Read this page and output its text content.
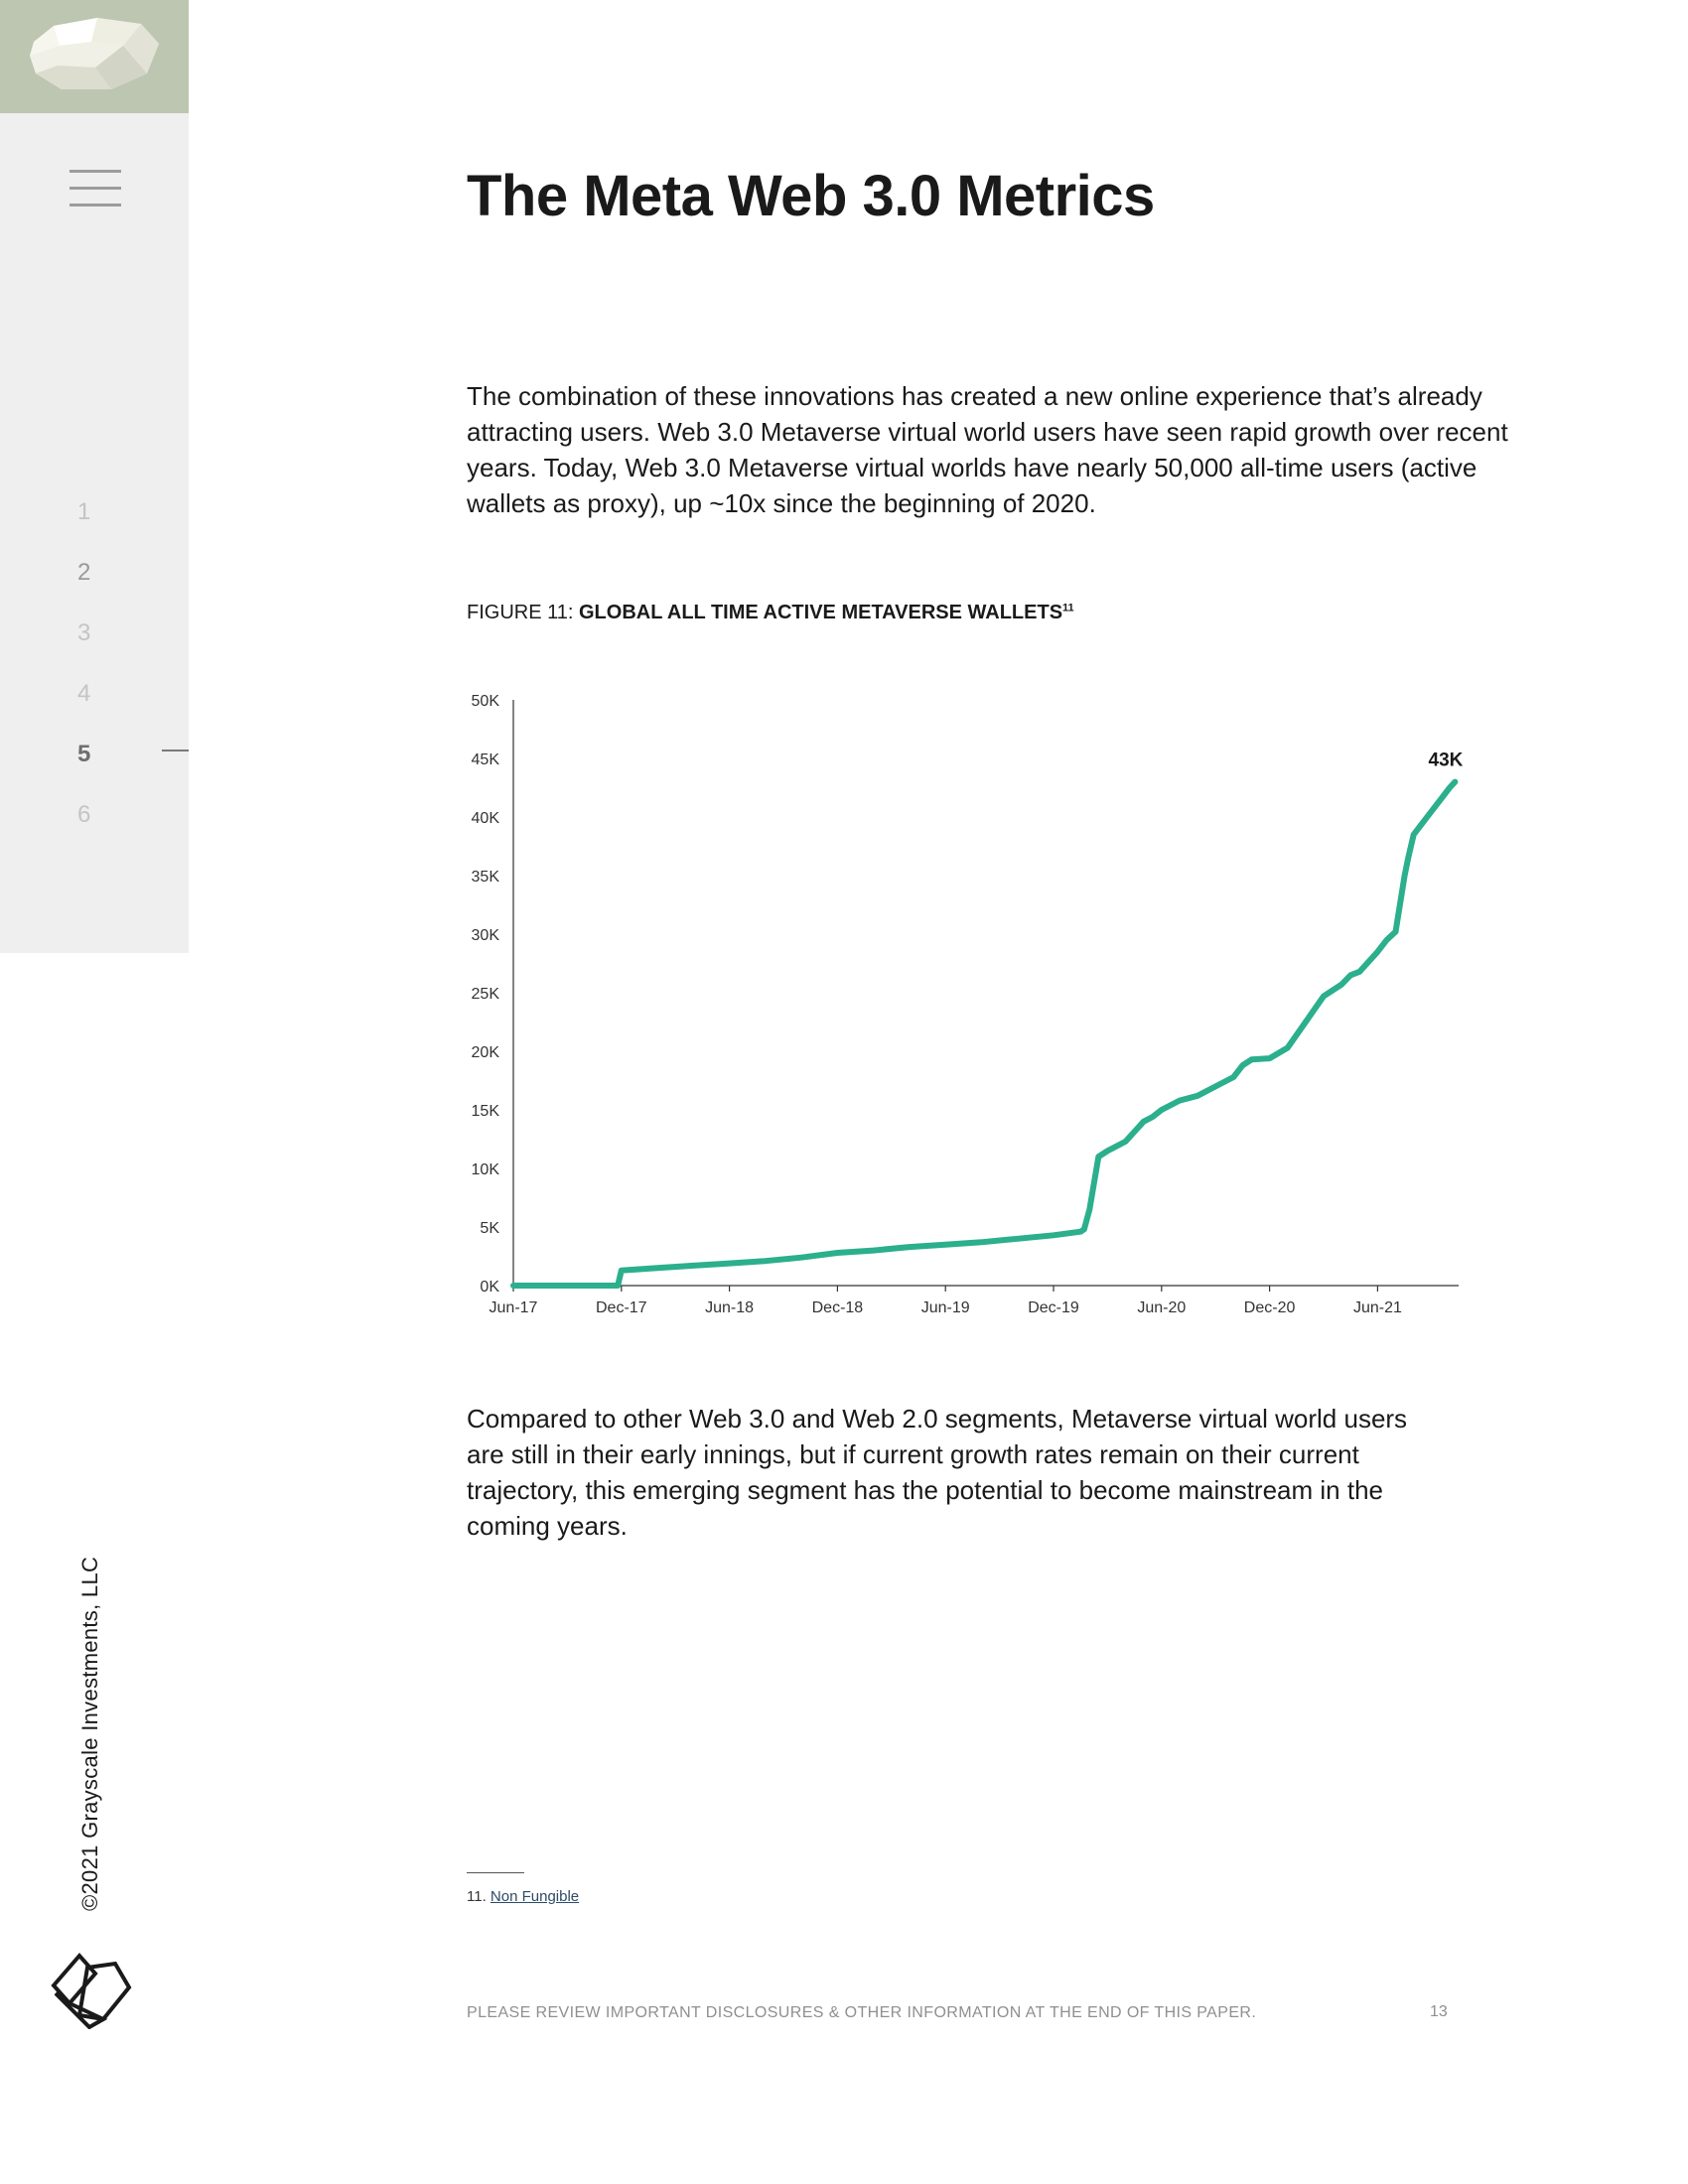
1
2
3
4
5
6
©2021 Grayscale Investments, LLC
The Meta Web 3.0 Metrics

The combination of these innovations has created a new online experience that’s already attracting users. Web 3.0 Metaverse virtual world users have seen rapid growth over recent years. Today, Web 3.0 Metaverse virtual worlds have nearly 50,000 all-time users (active wallets as proxy), up ~10x since the beginning of 2020.

FIGURE 11: GLOBAL ALL TIME ACTIVE METAVERSE WALLETS$^{11}$

0K
5K
10K
15K
20K
25K
30K
35K
40K
45K
50K
Jun-17	Dec-17	Jun-18	Dec-18	Jun-19	Dec-19	Jun-20	Dec-20	Jun-21
43K

Compared to other Web 3.0 and Web 2.0 segments, Metaverse virtual world users are still in their early innings, but if current growth rates remain on their current trajectory, this emerging segment has the potential to become mainstream in the coming years.

11. Non Fungible
PLEASE REVIEW IMPORTANT DISCLOSURES & OTHER INFORMATION AT THE END OF THIS PAPER.	13
